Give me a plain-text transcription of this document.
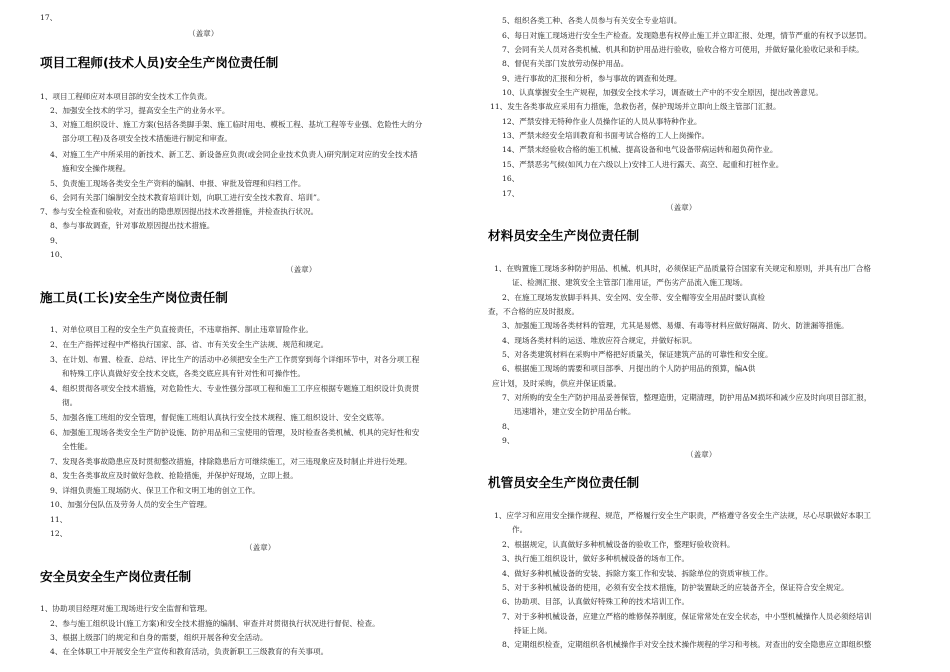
17、
（盖章）
项目工程师(技术人员)安全生产岗位责任制
1、项目工程师应对本项目部的安全技术工作负责。
2、加强安全技术的学习，提高安全生产的业务水平。
3、对施工组织设计、施工方案(包括各类脚手架、施工临时用电、模板工程、基坑工程等专业强、危险性大的分
部分项工程)及各项安全技术措施进行制定和审查。
4、对施工生产中所采用的新技术、新工艺、新设备应负责(或会同企业技术负责人)研究制定对应的安全技术措
施和安全操作规程。
5、负责施工现场各类安全生产资料的编制、申报、审批及管理和归档工作。
6、会同有关部门编制安全技术教育培训计划，向职工进行安全技术教育、培训”。
7、参与安全检查和验收，对查出的隐患原因提出技术改善措施，并检查执行状况。
8、参与事故调查，针对事故原因提出技术措施。
9、
10、
（盖章）
施工员(工长)安全生产岗位责任制
1、对单位项目工程的安全生产负直接责任，不违章指挥、制止违章冒险作业。
2、在生产指挥过程中严格执行国家、部、省、市有关安全生产法规、规范和规定。
3、在计划、布置、检查、总结、评比生产的活动中必须把安全生产工作贯穿到每个详细环节中，对各分项工程
和特殊工序认真做好安全技术交底，各类交底应具有针对性和可操作性。
4、组织贯彻各项安全技术措施，对危险性大、专业性强分部项工程和施工工序应根据专题施工组织设计负责贯
彻。
5、加强各施工班组的安全管理，督促施工班组认真执行安全技术规程、施工组织设计、安全交底等。
6、加强施工现场各类安全生产防护设施、防护用品和三宝使用的管理，及时检查各类机械、机具的完好性和安
全性能。
7、发现各类事故隐患应及时贯彻整改措施，排除隐患后方可继续施工，对三违现象应及时制止并进行处理。
8、发生各类事故应及时做好急救、抢险措施，并保护好现场，立即上报。
9、详细负责施工现场防火、保卫工作和文明工地的创立工作。
10、加强分包队伍及劳务人员的安全生产管理。
11、
12、
（盖章）
安全员安全生产岗位责任制
1、协助项目经理对施工现场进行安全监督和管理。
2、参与施工组织设计(施工方案)和安全技术措施的编制、审查并对贯彻执行状况进行督促、检查。
3、根据上级部门的规定和自身的需要，组织开展各种安全活动。
4、在全体职工中开展安全生产宣传和教育活动，负责新职工三级教育的有关事项。
5、组织各类工种、各类人员参与有关安全专业培训。
6、每日对施工现场进行安全生产检查。发现隐患有权停止施工并立即汇报、处理，情节严重的有权予以惩罚。
7、会同有关人员对各类机械、机具和防护用品进行验收，验收合格方可使用，并做好量化验收记录和手续。
8、督促有关部门发放劳动保护用品。
9、进行事故的汇报和分析，参与事故的调查和处理。
10、认真掌握安全生产规程，加强安全技术学习，调查破土产中的不安全原因，提出改善意见。
11、发生各类事故应采用有力措施，急救伤者，保护现场并立即向上级主管部门汇报。
12、严禁安排无特种作业人员操作证的人员从事特种作业。
13、严禁未经安全培训教育和书面考试合格的工人上岗操作。
14、严禁未经验收合格的施工机械、提高设备和电气设备带病运转和超负荷作业。
15、严禁恶劣气候(如风力在六级以上)安排工人进行露天、高空、起重和打桩作业。
16、
17、
（盖章）
材料员安全生产岗位责任制
1、在购置施工现场多种防护用品、机械、机具时，必须保证产品质量符合国家有关规定和原则，并具有出厂合格
证、检测汇报、建筑安全主管部门准用证，严伤劣产品流入施工现场。
2、在施工现场发放脚手料具、安全网、安全带、安全帽等安全用品时要认真检
查，不合格的应及时报废。
3、加强施工现场各类材料的管理，尤其是易燃、易爆、有毒等材料应做好隔离、防火、防泄漏等措施。
4、现场各类材料的运送、堆放应符合规定，并做好标识。
5、对各类建筑材料在采购中严格把好质量关，保证建筑产品的可靠性和安全度。
6、根据施工现场的需要和项目部季、月提出的个人防护用品的预算，编A供
应计划，及时采购，供应并保证质量。
7、对所购的安全生产防护用品妥善保管，整理造册，定期清理，防护用品M损坏和减少应及时向项目部汇报，
迅速增补，建立安全防护用品台帐。
8、
9、
（盖章）
机管员安全生产岗位责任制
1、应学习和应用安全操作规程、规范，严格履行安全生产职责，严格遵守各安全生产法规，尽心尽职做好本职工
作。
2、根据规定，认真做好多种机械设备的验收工作，整理好验收资料。
3、执行施工组织设计，做好多种机械设备的场布工作。
4、做好多种机械设备的安装、拆除方案工作和安装、拆除单位的资质审核工作。
5、对于多种机械设备的使用，必须有安全技术措施，防护装置缺乏的应装备齐全，保证符合安全规定。
6、协助项、目部，认真做好特殊工种的技术培训工作。
7、对于多种机械设备，应建立严格的维修保养制度，保证常常处在安全状态，中小型机械操作人员必须经培训
持证上岗。
8、定期组织检查，定期组织各机械操作手对安全技术操作规程的学习和考核。对查出的安全隐患应立即组织整
